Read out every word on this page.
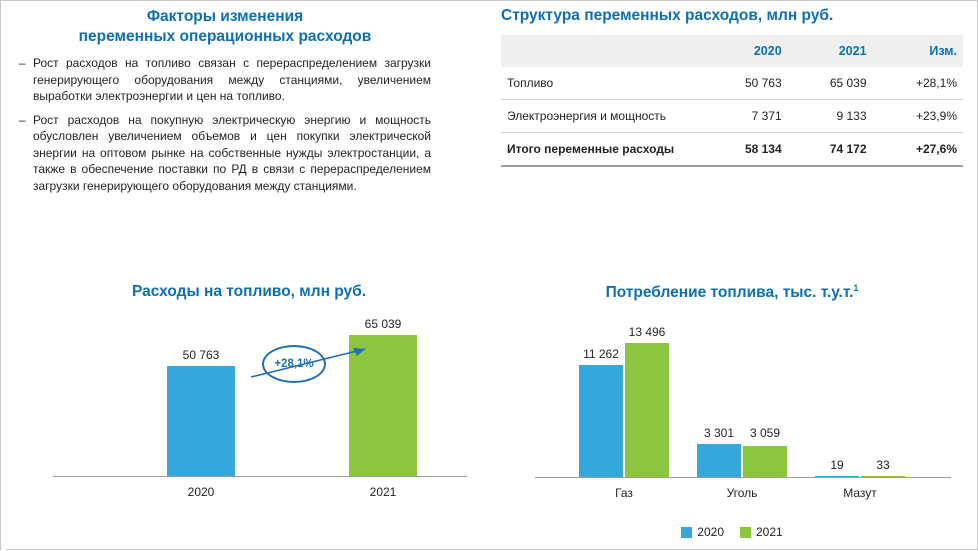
Факторы изменения
переменных операционных расходов
– Рост расходов на топливо связан с перераспределением загрузки генерирующего оборудования между станциями, увеличением выработки электроэнергии и цен на топливо.
– Рост расходов на покупную электрическую энергию и мощность обусловлен увеличением объемов и цен покупки электрической энергии на оптовом рынке на собственные нужды электростанции, а также в обеспечение поставки по РД в связи с перераспределением загрузки генерирующего оборудования между станциями.
Структура переменных расходов, млн руб.
	2020	2021	Изм.
Топливо	50 763	65 039	+28,1%
Электроэнергия и мощность	7 371	9 133	+23,9%
Итого переменные расходы	58 134	74 172	+27,6%
Расходы на топливо, млн руб.
50 763
2020
65 039
2021
+28,1%
Потребление топлива, тыс. т.у.т.$^1$
11 262
13 496
Газ
3 301	3 059
Уголь
19	33
Мазут
2020	2021
